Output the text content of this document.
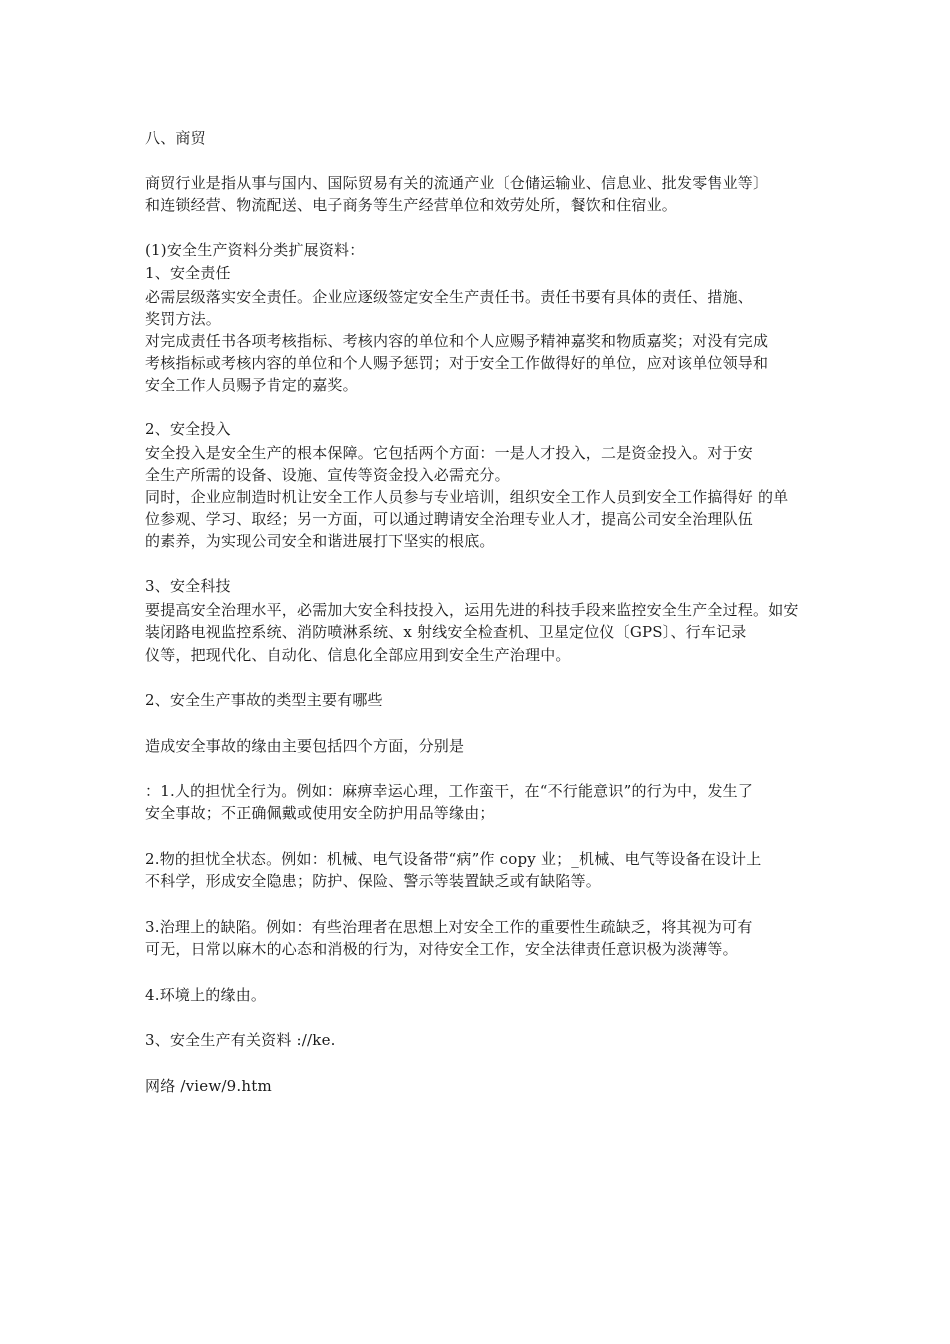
八、商贸
商贸行业是指从事与国内、国际贸易有关的流通产业〔仓储运输业、信息业、批发零售业等〕
和连锁经营、物流配送、电子商务等生产经营单位和效劳处所，餐饮和住宿业。
(1)安全生产资料分类扩展资料：
1、安全责任
必需层级落实安全责任。企业应逐级签定安全生产责任书。责任书要有具体的责任、措施、
奖罚方法。
对完成责任书各项考核指标、考核内容的单位和个人应赐予精神嘉奖和物质嘉奖；对没有完成
考核指标或考核内容的单位和个人赐予惩罚；对于安全工作做得好的单位，应对该单位领导和
安全工作人员赐予肯定的嘉奖。
2、安全投入
安全投入是安全生产的根本保障。它包括两个方面：一是人才投入，二是资金投入。对于安
全生产所需的设备、设施、宣传等资金投入必需充分。
同时，企业应制造时机让安全工作人员参与专业培训，组织安全工作人员到安全工作搞得好 的单
位参观、学习、取经；另一方面，可以通过聘请安全治理专业人才，提高公司安全治理队伍
的素养，为实现公司安全和谐进展打下坚实的根底。
3、安全科技
要提高安全治理水平，必需加大安全科技投入，运用先进的科技手段来监控安全生产全过程。如安
装闭路电视监控系统、消防喷淋系统、x 射线安全检查机、卫星定位仪〔GPS〕、行车记录
仪等，把现代化、自动化、信息化全部应用到安全生产治理中。
2、安全生产事故的类型主要有哪些
造成安全事故的缘由主要包括四个方面，分别是
：1.人的担忧全行为。例如：麻痹幸运心理，工作蛮干，在“不行能意识”的行为中，发生了
安全事故；不正确佩戴或使用安全防护用品等缘由；
2.物的担忧全状态。例如：机械、电气设备带“病”作 copy 业；_机械、电气等设备在设计上
不科学，形成安全隐患；防护、保险、警示等装置缺乏或有缺陷等。
3.治理上的缺陷。例如：有些治理者在思想上对安全工作的重要性生疏缺乏，将其视为可有
可无，日常以麻木的心态和消极的行为，对待安全工作，安全法律责任意识极为淡薄等。
4.环境上的缘由。
3、安全生产有关资料 ://ke.
网络 /view/9.htm
